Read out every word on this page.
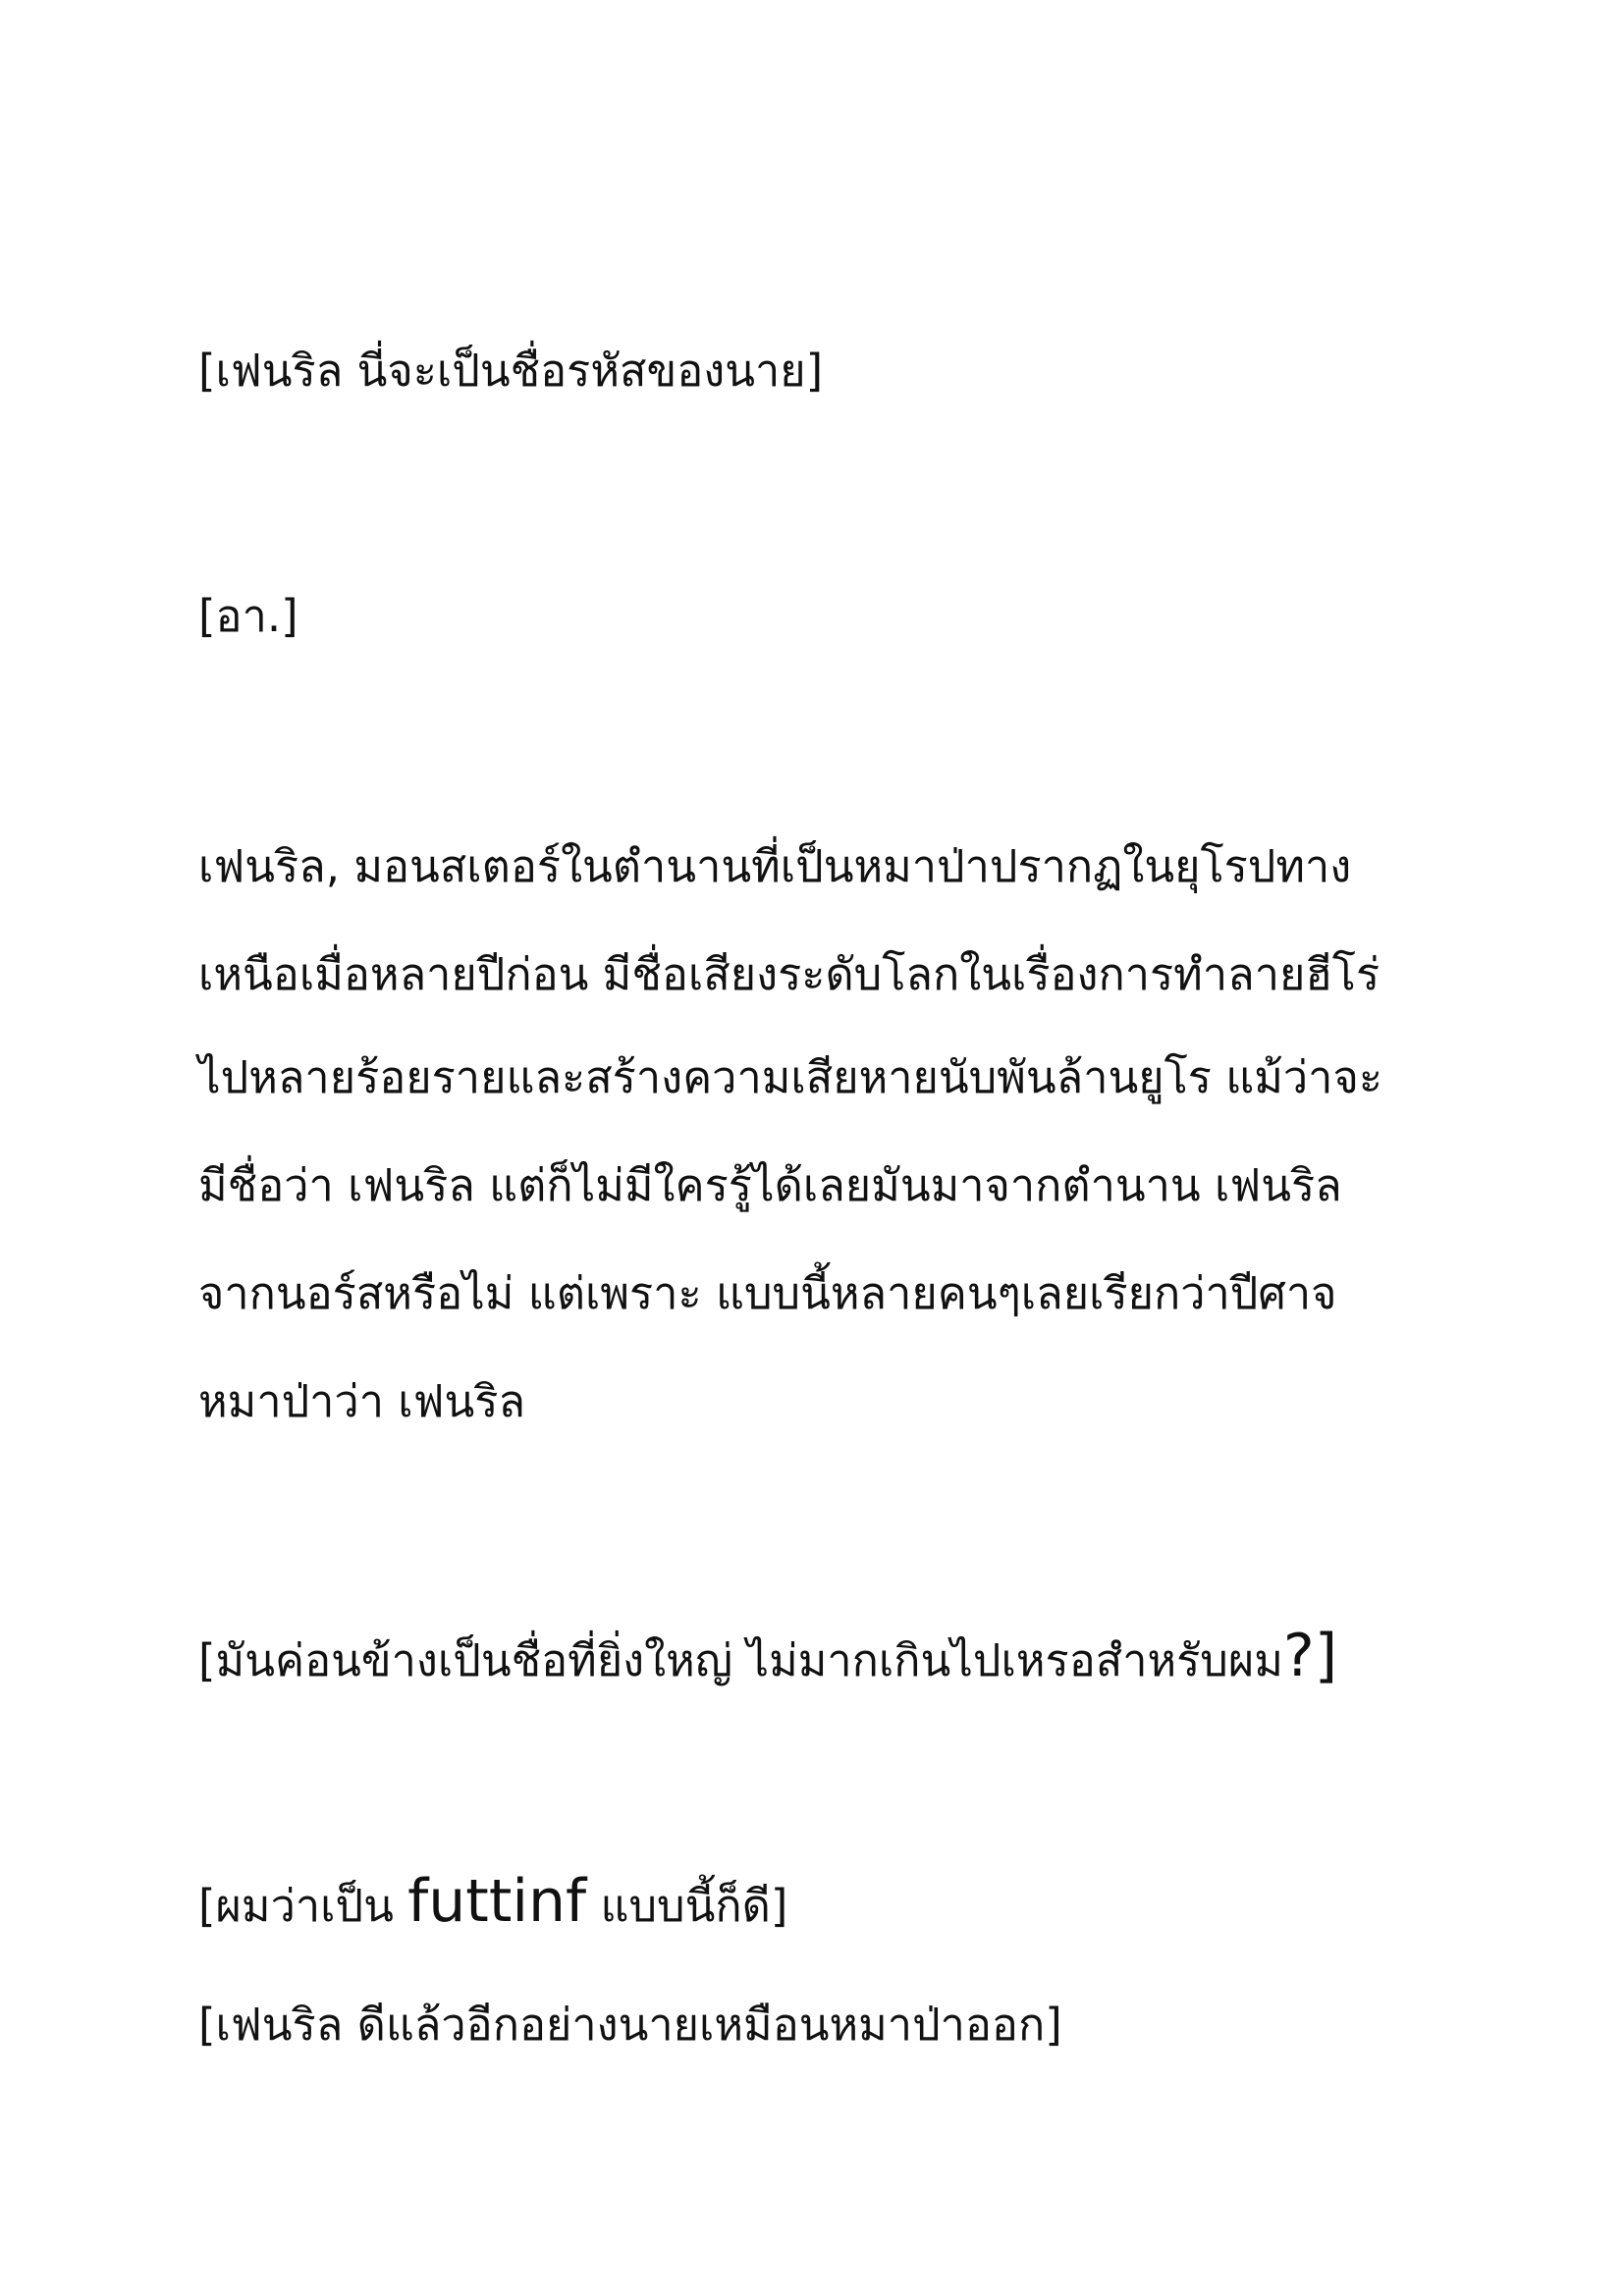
[เฟนริล นี่จะเป็นชื่อรหัสของนาย]

[อา.]

เฟนริล, มอนสเตอร์ในตำนานที่เป็นหมาป่าปรากฏในยุโรปทาง

เหนือเมื่อหลายปีก่อน มีชื่อเสียงระดับโลกในเรื่องการทำลายฮีโร่

ไปหลายร้อยรายและสร้างความเสียหายนับพันล้านยูโร แม้ว่าจะ

มีชื่อว่า เฟนริล แต่ก็ไม่มีใครรู้ได้เลยมันมาจากตำนาน เฟนริล

จากนอร์สหรือไม่ แต่เพราะ แบบนี้หลายคนๆเลยเรียกว่าปีศาจ

หมาป่าว่า เฟนริล

[มันค่อนข้างเป็นชื่อที่ยิ่งใหญ่ ไม่มากเกินไปเหรอสำหรับผม?]

[ผมว่าเป็น futtinf แบบนี้ก็ดี]

[เฟนริล ดีแล้วอีกอย่างนายเหมือนหมาป่าออก]
